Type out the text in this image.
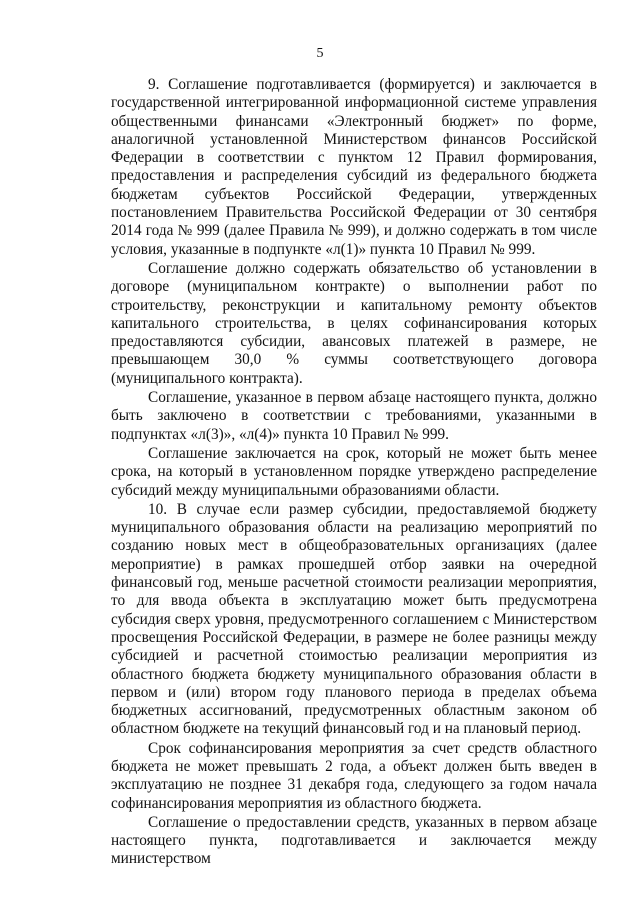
5

9. Соглашение подготавливается (формируется) и заключается в государственной интегрированной информационной системе управления общественными финансами «Электронный бюджет» по форме, аналогичной установленной Министерством финансов Российской Федерации в соответствии с пунктом 12 Правил формирования, предоставления и распределения субсидий из федерального бюджета бюджетам субъектов Российской Федерации, утвержденных постановлением Правительства Российской Федерации от 30 сентября 2014 года № 999 (далее Правила № 999), и должно содержать в том числе условия, указанные в подпункте «л(1)» пункта 10 Правил № 999.

Соглашение должно содержать обязательство об установлении в договоре (муниципальном контракте) о выполнении работ по строительству, реконструкции и капитальному ремонту объектов капитального строительства, в целях софинансирования которых предоставляются субсидии, авансовых платежей в размере, не превышающем 30,0 % суммы соответствующего договора (муниципального контракта).

Соглашение, указанное в первом абзаце настоящего пункта, должно быть заключено в соответствии с требованиями, указанными в подпунктах «л(3)», «л(4)» пункта 10 Правил № 999.

Соглашение заключается на срок, который не может быть менее срока, на который в установленном порядке утверждено распределение субсидий между муниципальными образованиями области.

10. В случае если размер субсидии, предоставляемой бюджету муниципального образования области на реализацию мероприятий по созданию новых мест в общеобразовательных организациях (далее мероприятие) в рамках прошедшей отбор заявки на очередной финансовый год, меньше расчетной стоимости реализации мероприятия, то для ввода объекта в эксплуатацию может быть предусмотрена субсидия сверх уровня, предусмотренного соглашением с Министерством просвещения Российской Федерации, в размере не более разницы между субсидией и расчетной стоимостью реализации мероприятия из областного бюджета бюджету муниципального образования области в первом и (или) втором году планового периода в пределах объема бюджетных ассигнований, предусмотренных областным законом об областном бюджете на текущий финансовый год и на плановый период.

Срок софинансирования мероприятия за счет средств областного бюджета не может превышать 2 года, а объект должен быть введен в эксплуатацию не позднее 31 декабря года, следующего за годом начала софинансирования мероприятия из областного бюджета.

Соглашение о предоставлении средств, указанных в первом абзаце настоящего пункта, подготавливается и заключается между министерством
